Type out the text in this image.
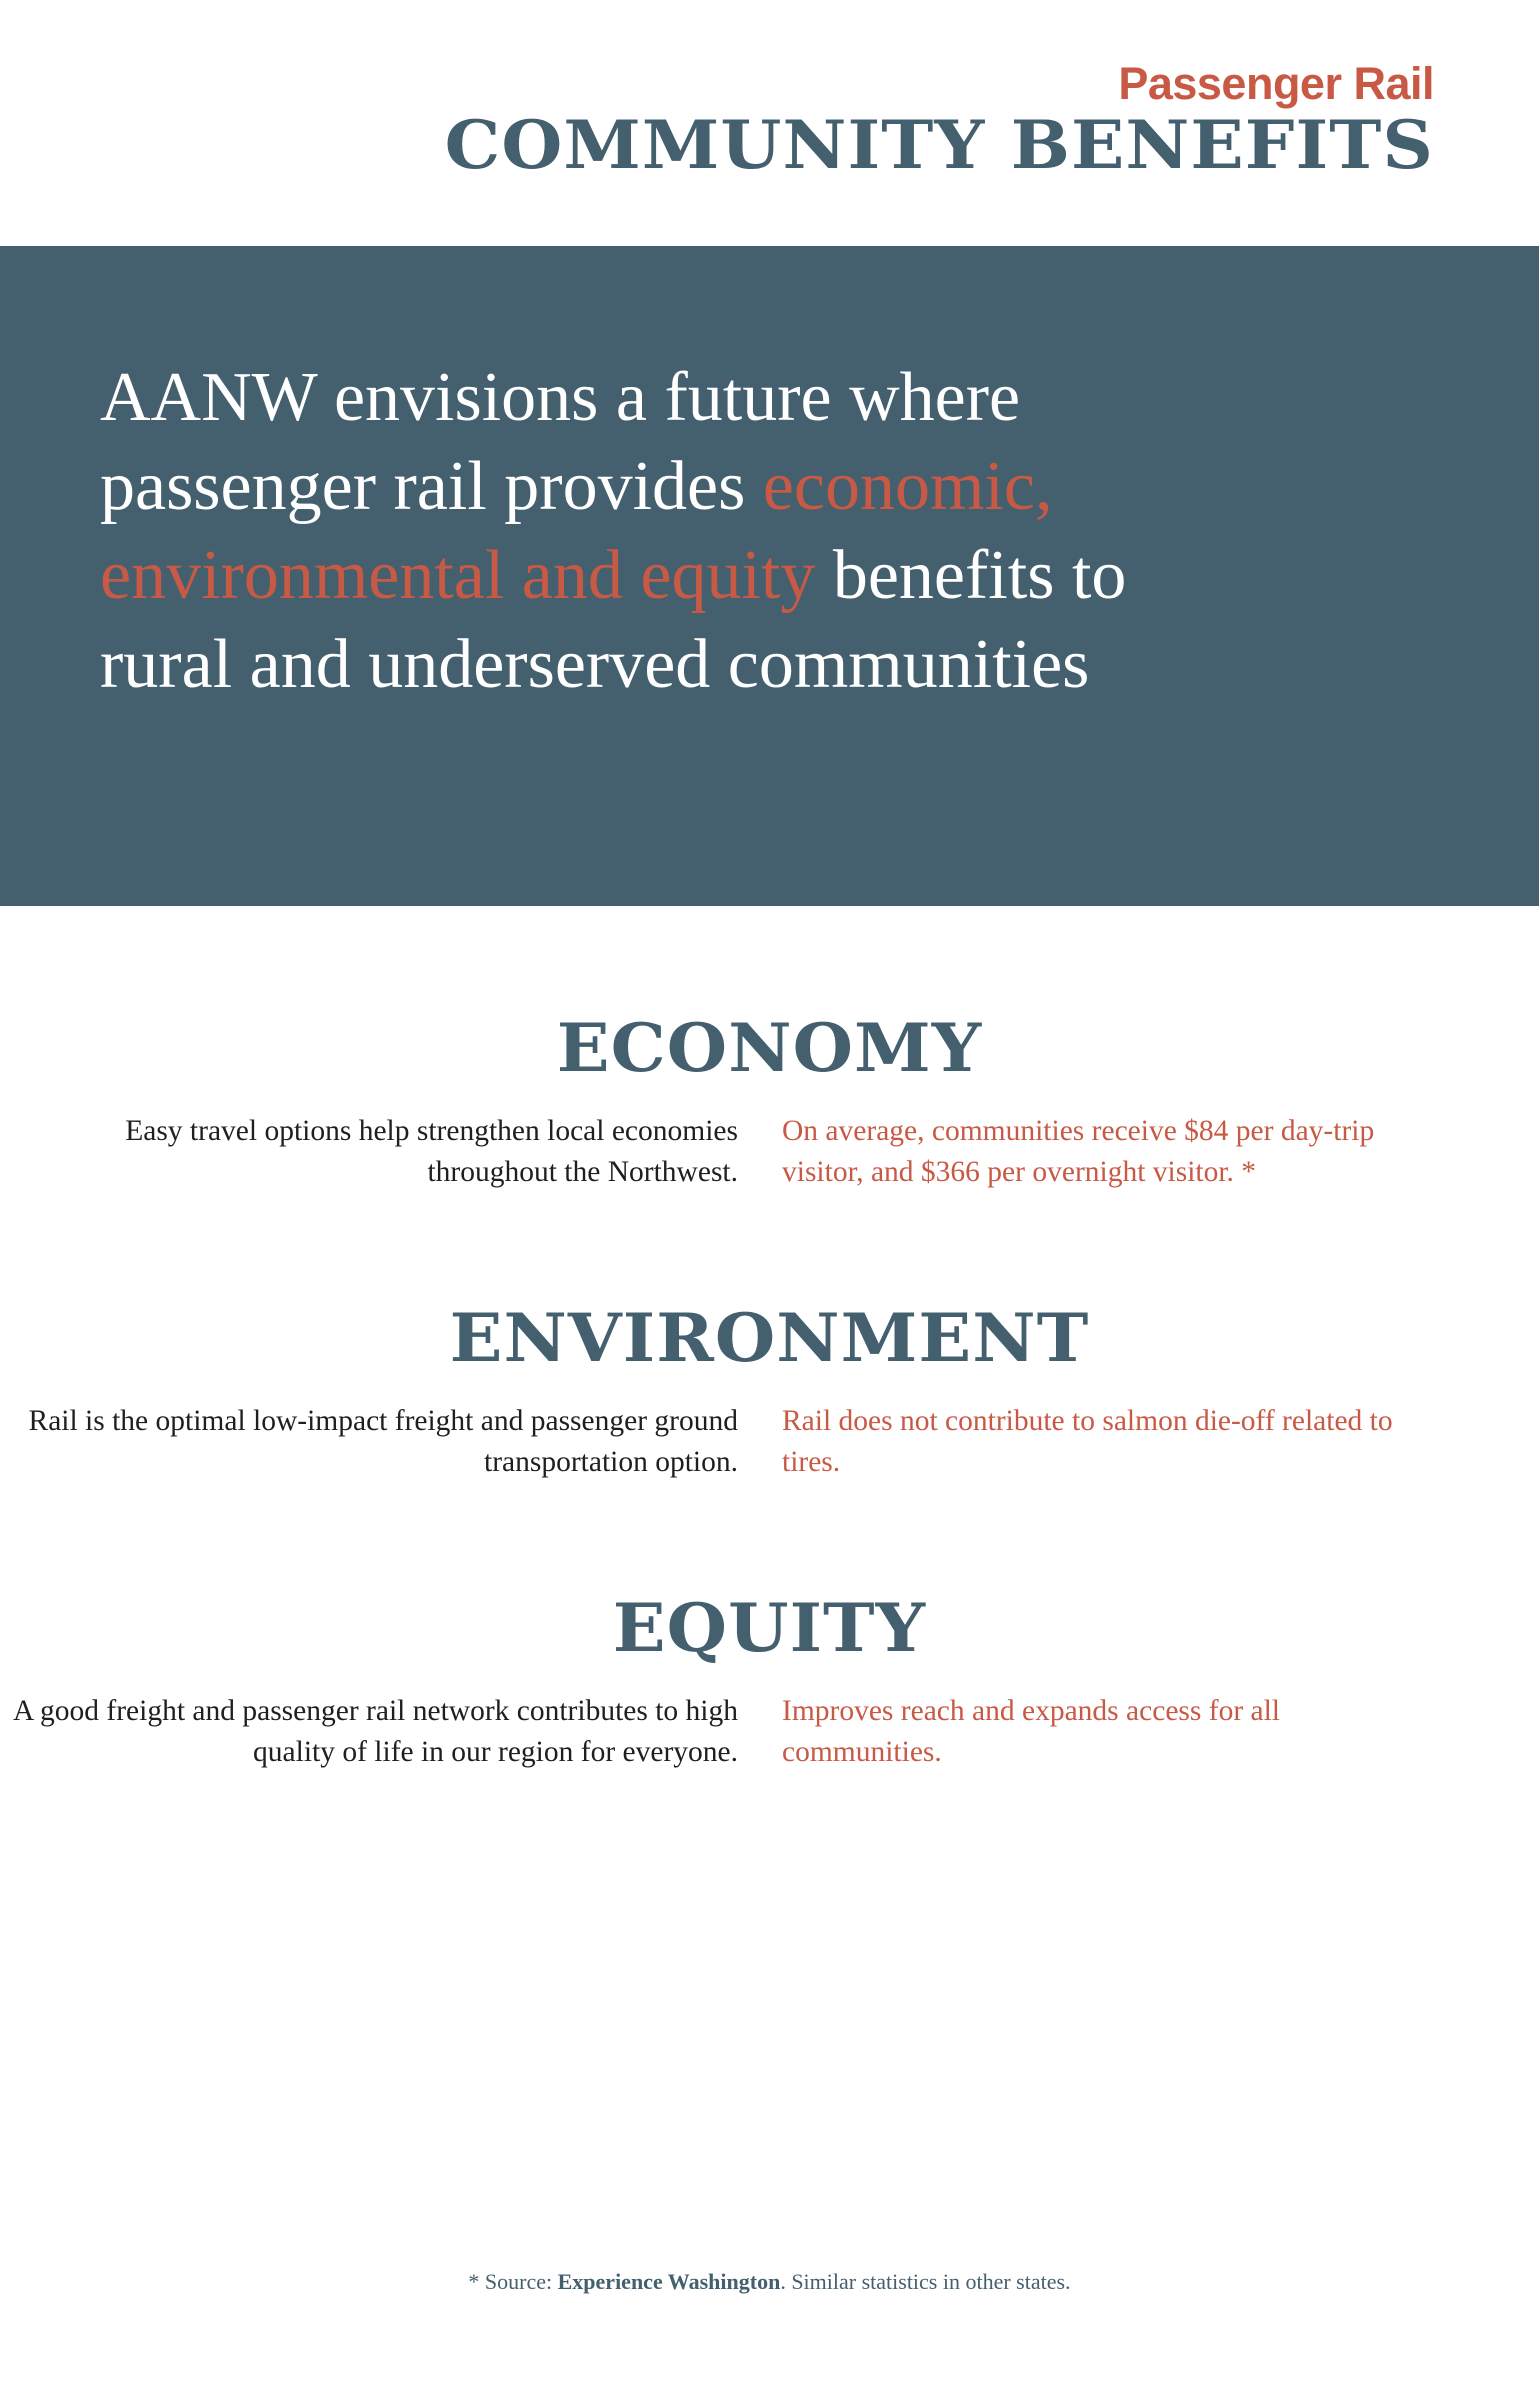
Passenger Rail
COMMUNITY BENEFITS
AANW envisions a future where passenger rail provides economic, environmental and equity benefits to rural and underserved communities
ECONOMY
Easy travel options help strengthen local economies throughout the Northwest.
On average, communities receive $84 per day-trip visitor, and $366 per overnight visitor. *
ENVIRONMENT
Rail is the optimal low-impact freight and passenger ground transportation option.
Rail does not contribute to salmon die-off related to tires.
EQUITY
A good freight and passenger rail network contributes to high quality of life in our region for everyone.
Improves reach and expands access for all communities.
* Source: Experience Washington. Similar statistics in other states.
